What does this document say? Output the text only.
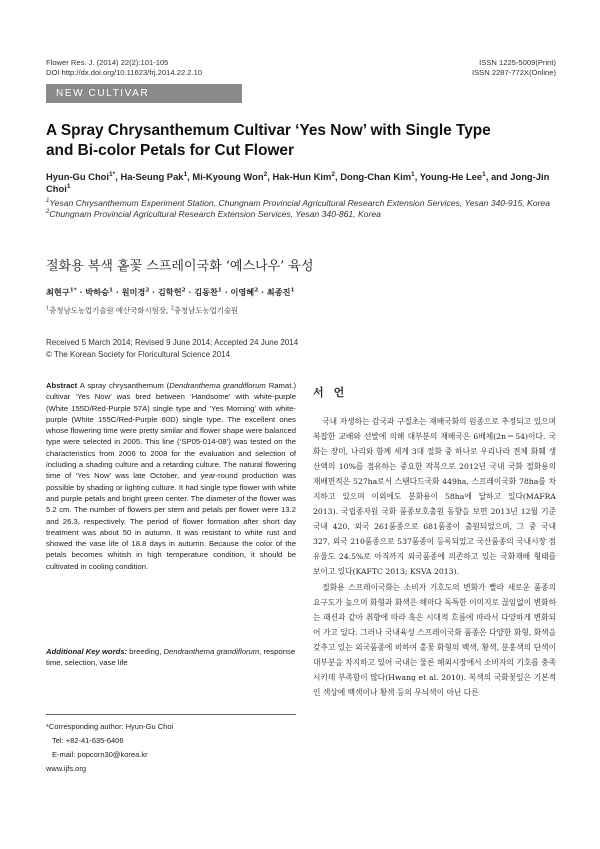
Flower Res. J. (2014) 22(2):101-105
DOI http://dx.doi.org/10.11623/frj.2014.22.2.10
ISSN 1225-5009(Print)
ISSN 2287-772X(Online)
NEW CULTIVAR INTRODUCTION
A Spray Chrysanthemum Cultivar ‘Yes Now’ with Single Type
and Bi-color Petals for Cut Flower
Hyun-Gu Choi$^{1*}$, Ha-Seung Pak$^1$, Mi-Kyoung Won$^2$, Hak-Hun Kim$^2$, Dong-Chan Kim$^1$, Young-He Lee$^1$, and Jong-Jin Choi$^1$
$^1$Yesan Chrysanthemum Experiment Station, Chungnam Provincial Agricultural Research Extension Services, Yesan 340-915, Korea
$^2$Chungnam Provincial Agricultural Research Extension Services, Yesan 340-861, Korea
절화용 복색 홑꽃 스프레이국화 ‘예스나우’ 육성
최현구$^{1*}$ · 박하승$^1$ · 원미경$^2$ · 김학헌$^2$ · 김동찬$^1$ · 이영혜$^2$ · 최종진$^1$
$^1$충청남도농업기술원 예산국화시험장, $^2$충청남도농업기술원
Received 5 March 2014; Revised 9 June 2014; Accepted 24 June 2014
© The Korean Society for Floricultural Science 2014
Abstract A spray chrysanthemum (Dendranthema grandiflorum Ramat.) cultivar ‘Yes Now’ was bred between ‘Handsome’ with white-purple (White 155D/Red-Purple 57A) single type and ‘Yes Morning’ with white-purple (White 155C/Red-Purple 60D) single type. The excellent ones whose flowering time were pretty similar and flower shape were balanced type were selected in 2005. This line (‘SP05-014-08’) was tested on the characteristics from 2006 to 2008 for the evaluation and selection of including a shading culture and a retarding culture. The natural flowering time of ‘Yes Now’ was late October, and year-round production was possible by shading or lighting culture. It had single type flower with white and purple petals and bright green center. The diameter of the flower was 5.2 cm. The number of flowers per stem and petals per flower were 13.2 and 26.3, respectively. The period of flower formation after short day treatment was about 50 in autumn. It was resistant to white rust and showed the vase life of 18.8 days in autumn. Because the color of the petals becomes whitish in high temperature condition, it should be cultivated in cooling condition.
Additional Key words: breeding, Dendranthema grandiflorum, response time, selection, vase life
*Corresponding author: Hyun-Gu Choi
Tel: +82-41-635-6406
E-mail: popcorn30@korea.kr
www.ijfs.org
서언

국내 자생하는 감국과 구절초는 재배국화의 원종으로 추정되고 있으며 복잡한 교배와 선발에 의해 대부분의 재배국은 6배체(2n＝54)이다. 국화는 장미, 나리와 함께 세계 3대 절화 중 하나로 우리나라 전체 화훼 생산액의 10%를 점유하는 중요한 작목으로 2012년 국내 국화 절화용의 재배면적은 527ha로서 스탠다드국화 449ha, 스프레이국화 78ha를 차지하고 있으며 이외에도 분화용이 58ha에 달하고 있다(MAFRA 2013). 국립종자원 국화 품종보호출원 동향을 보면 2013년 12월 기준 국내 420, 외국 261품종으로 681품종이 출원되었으며, 그 중 국내 327, 외국 210품종으로 537품종이 등록되었고 국산품종의 국내시장 점유율도 24.5%로 아직까지 외국품종에 의존하고 있는 국화재배 형태를 보이고 있다(KAFTC 2013; KSVA 2013).

절화용 스프레이국화는 소비자 기호도의 변화가 빨라 새로운 품종의 요구도가 높으며 화형과 화색은 해마다 독특한 이미지로 끊임없이 변화하는 패션과 같아 취향에 따라 혹은 시대적 흐름에 따라서 다양하게 변화되어 가고 있다. 그러나 국내육성 스프레이국화 품종은 다양한 화형, 화색을 갖추고 있는 외국품종에 비하여 홑꽃 화형의 백색, 황색, 분홍색의 단색이 대부분을 차지하고 있어 국내는 물론 해외시장에서 소비자의 기호를 충족시키데 부족함이 많다(Hwang et al. 2010). 복색의 국화꽃잎은 기본적인 색상에 백색이나 황색 등의 무늬색이 아닌 다른
